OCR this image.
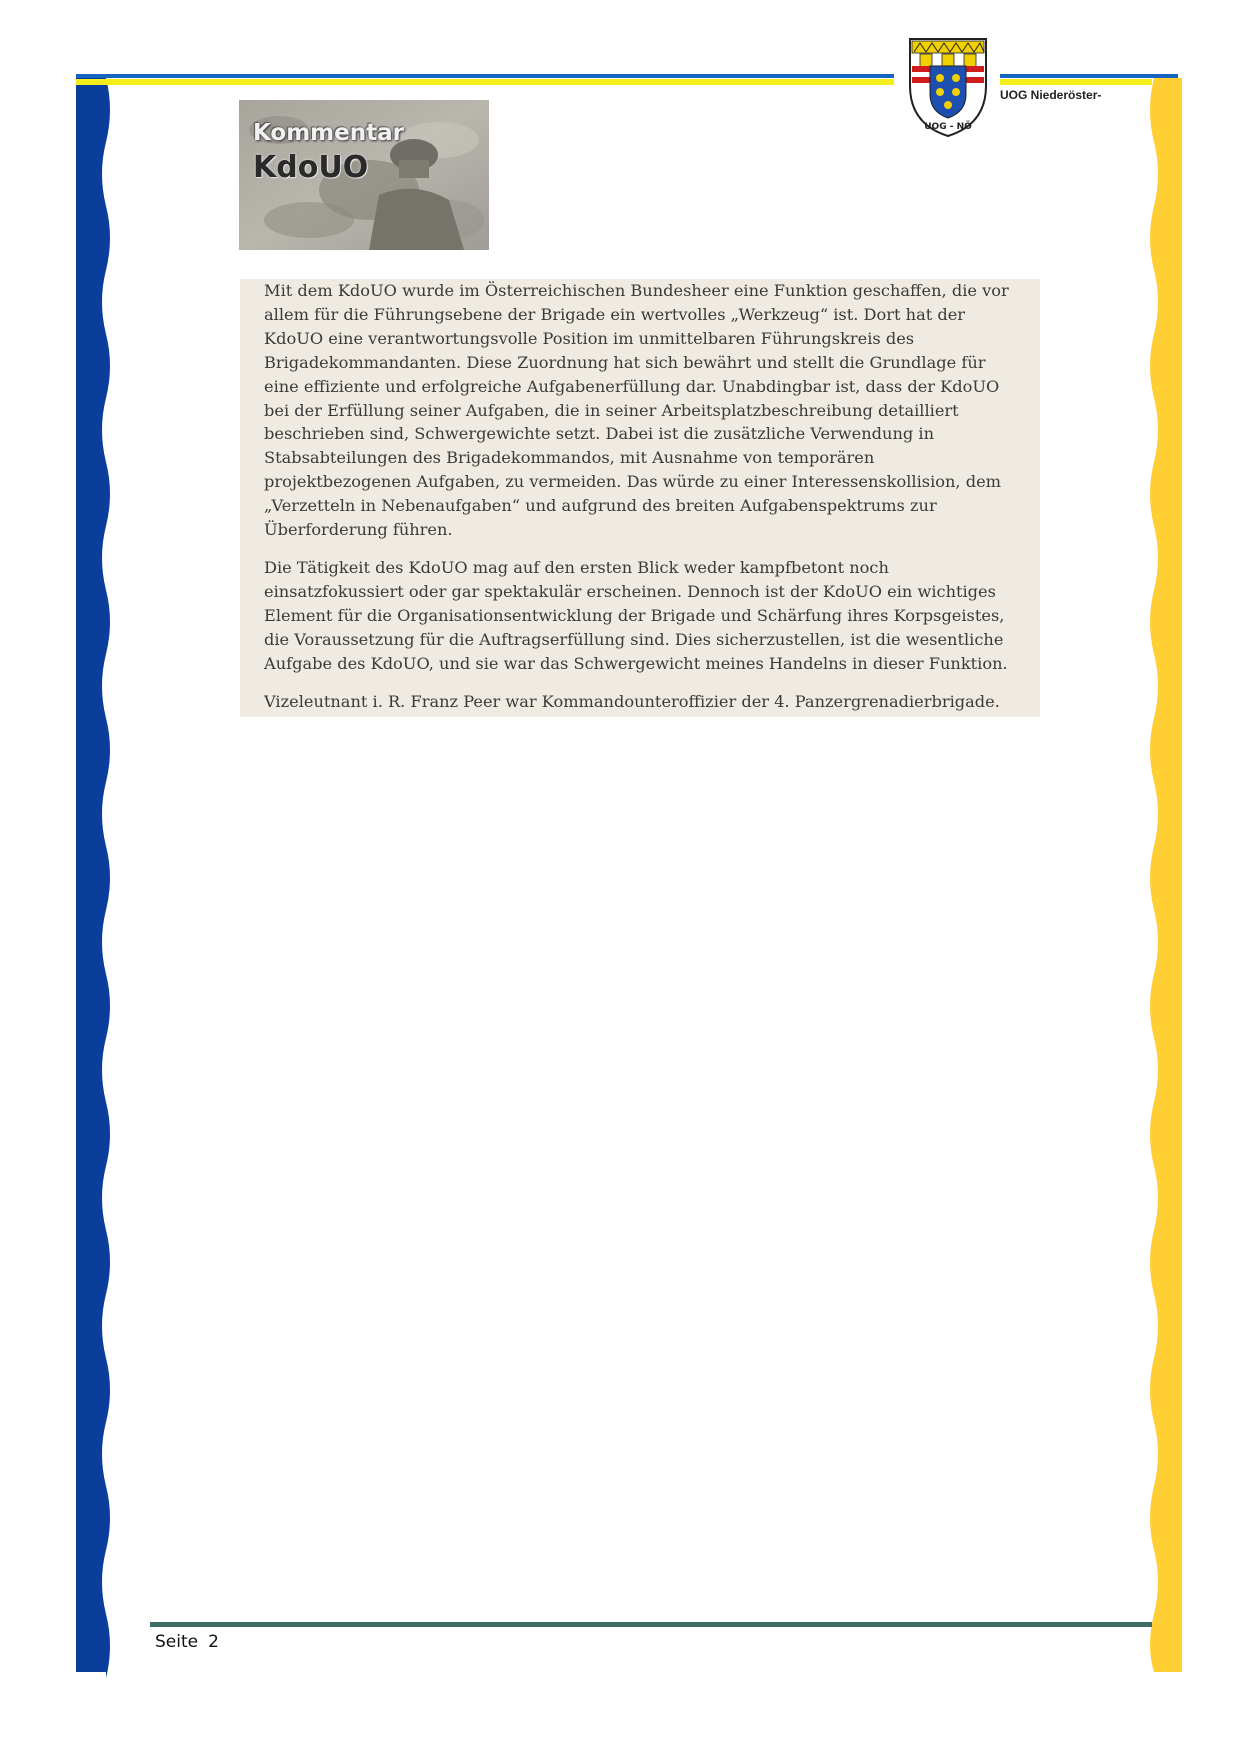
UOG - NÖ
UOG Niederöster-
Kommentar
KdoUO

Mit dem KdoUO wurde im Österreichischen Bundesheer eine Funktion geschaffen, die vor allem für die Führungsebene der Brigade ein wertvolles „Werkzeug“ ist. Dort hat der KdoUO eine verantwortungsvolle Position im unmittelbaren Führungskreis des Brigadekommandanten. Diese Zuordnung hat sich bewährt und stellt die Grundlage für eine effiziente und erfolgreiche Aufgabenerfüllung dar. Unabdingbar ist, dass der KdoUO bei der Erfüllung seiner Aufgaben, die in seiner Arbeitsplatzbeschreibung detailliert beschrieben sind, Schwergewichte setzt. Dabei ist die zusätzliche Verwendung in Stabsabteilungen des Brigadekommandos, mit Ausnahme von temporären projektbezogenen Aufgaben, zu vermeiden. Das würde zu einer Interessenskollision, dem „Verzetteln in Nebenaufgaben“ und aufgrund des breiten Aufgabenspektrums zur Überforderung führen.

Die Tätigkeit des KdoUO mag auf den ersten Blick weder kampfbetont noch einsatzfokussiert oder gar spektakulär erscheinen. Dennoch ist der KdoUO ein wichtiges Element für die Organisationsentwicklung der Brigade und Schärfung ihres Korpsgeistes, die Voraussetzung für die Auftragserfüllung sind. Dies sicherzustellen, ist die wesentliche Aufgabe des KdoUO, und sie war das Schwergewicht meines Handelns in dieser Funktion.

Vizeleutnant i. R. Franz Peer war Kommandounteroffizier der 4. Panzergrenadierbrigade.

Seite 2
